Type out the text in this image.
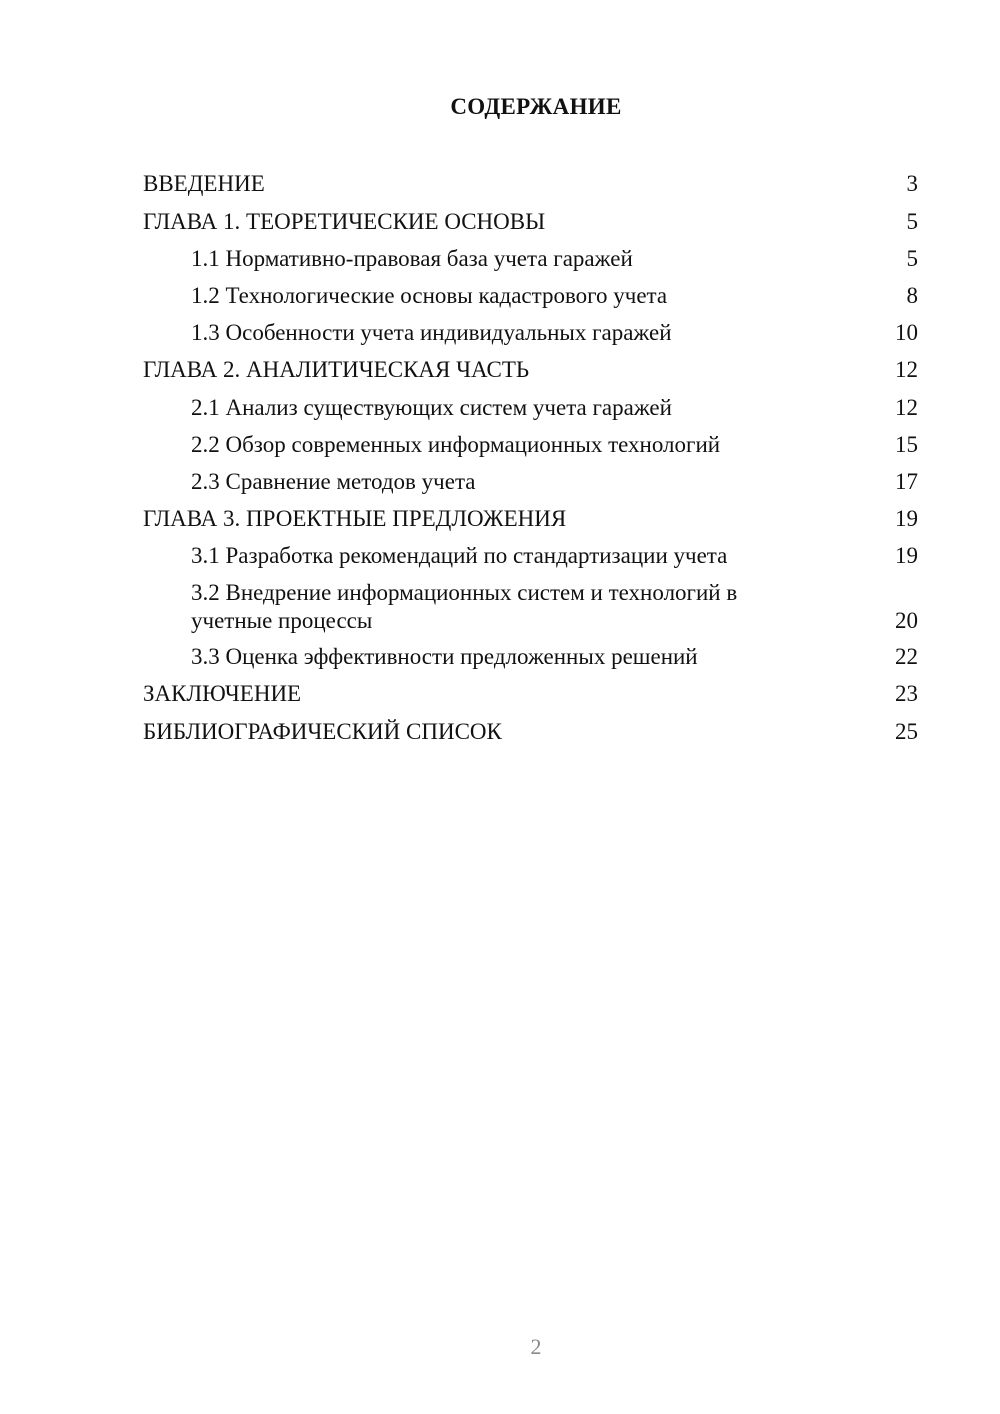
СОДЕРЖАНИЕ
ВВЕДЕНИЕ	3
ГЛАВА 1. ТЕОРЕТИЧЕСКИЕ ОСНОВЫ	5
1.1 Нормативно-правовая база учета гаражей	5
1.2 Технологические основы кадастрового учета	8
1.3 Особенности учета индивидуальных гаражей	10
ГЛАВА 2. АНАЛИТИЧЕСКАЯ ЧАСТЬ	12
2.1 Анализ существующих систем учета гаражей	12
2.2 Обзор современных информационных технологий	15
2.3 Сравнение методов учета	17
ГЛАВА 3. ПРОЕКТНЫЕ ПРЕДЛОЖЕНИЯ	19
3.1 Разработка рекомендаций по стандартизации учета	19
3.2 Внедрение информационных систем и технологий в учетные процессы	20
3.3 Оценка эффективности предложенных решений	22
ЗАКЛЮЧЕНИЕ	23
БИБЛИОГРАФИЧЕСКИЙ СПИСОК	25
2
